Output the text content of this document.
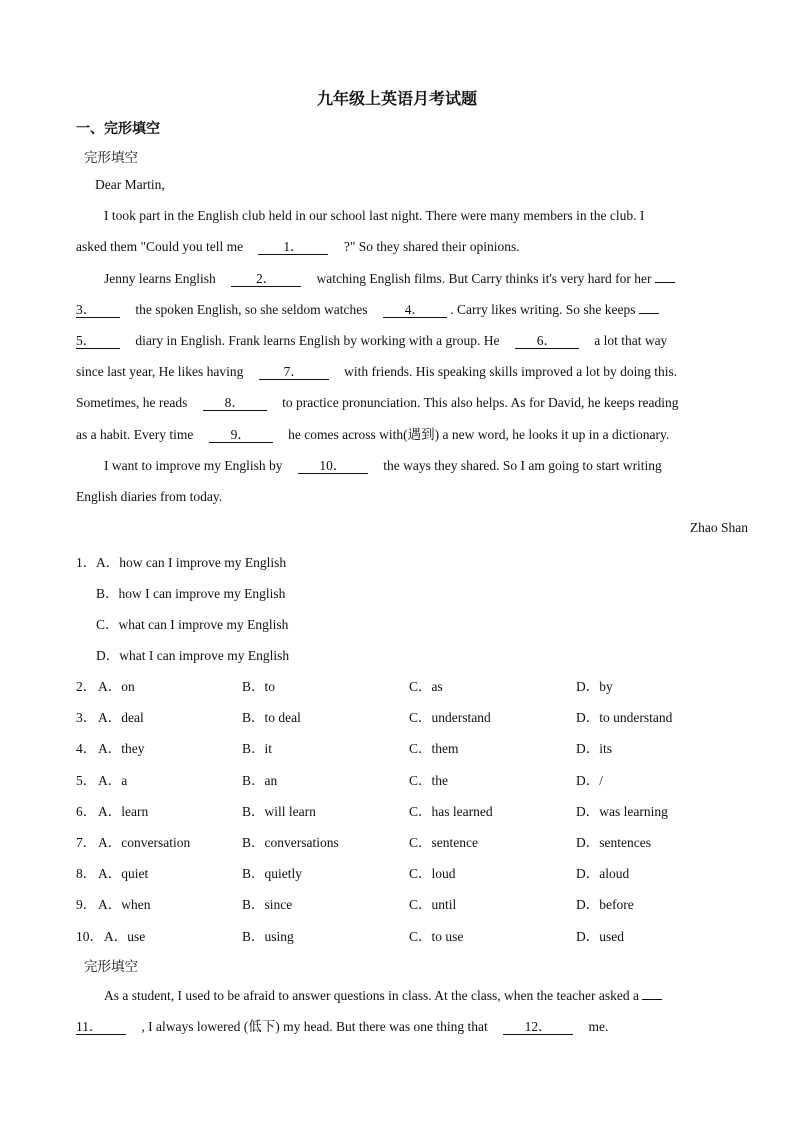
九年级上英语月考试题
一、完形填空
完形填空
Dear Martin,
I took part in the English club held in our school last night. There were many members in the club. I
asked them "Could you tell me	1．	?" So they shared their opinions.
Jenny learns English	2．	watching English films. But Carry thinks it's very hard for her
3．	the spoken English, so she seldom watches	4． . Carry likes writing. So she keeps
5．	diary in English. Frank learns English by working with a group. He	6．	a lot that way
since last year, He likes having	7．	with friends. His speaking skills improved a lot by doing this.
Sometimes, he reads	8．	to practice pronunciation. This also helps. As for David, he keeps reading
as a habit. Every time	9．	he comes across with(遇到) a new word, he looks it up in a dictionary.
I want to improve my English by	10．	the ways they shared. So I am going to start writing
English diaries from today.
Zhao Shan
1． A．how can I improve my English
B．how I can improve my English
C．what can I improve my English
D．what I can improve my English
2． A．on	B．to	C．as	D．by
3． A．deal	B．to deal	C．understand	D．to understand
4． A．they	B．it	C．them	D．its
5． A．a	B．an	C．the	D．/
6． A．learn	B．will learn	C．has learned	D．was learning
7． A．conversation	B．conversations	C．sentence	D．sentences
8． A．quiet	B．quietly	C．loud	D．aloud
9． A．when	B．since	C．until	D．before
10． A．use	B．using	C．to use	D．used
完形填空
As a student, I used to be afraid to answer questions in class. At the class, when the teacher asked a
11．	, I always lowered (低下) my head. But there was one thing that	12．	me.
